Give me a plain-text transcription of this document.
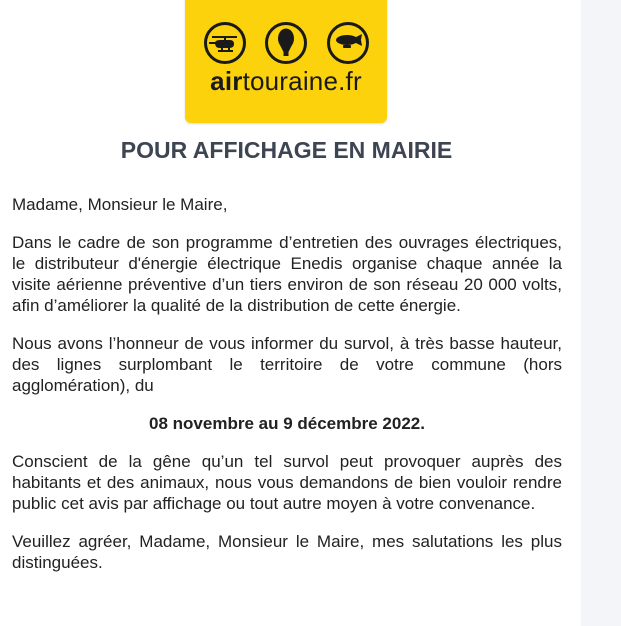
airtouraine.fr
POUR AFFICHAGE EN MAIRIE

Madame, Monsieur le Maire,

Dans le cadre de son programme d’entretien des ouvrages électriques, le distributeur d'énergie électrique Enedis organise chaque année la visite aérienne préventive d’un tiers environ de son réseau 20 000 volts, afin d’améliorer la qualité de la distribution de cette énergie.

Nous avons l’honneur de vous informer du survol, à très basse hauteur, des lignes surplombant le territoire de votre commune (hors agglomération), du

08 novembre au 9 décembre 2022.

Conscient de la gêne qu’un tel survol peut provoquer auprès des habitants et des animaux, nous vous demandons de bien vouloir rendre public cet avis par affichage ou tout autre moyen à votre convenance.

Veuillez agréer, Madame, Monsieur le Maire, mes salutations les plus distinguées.
